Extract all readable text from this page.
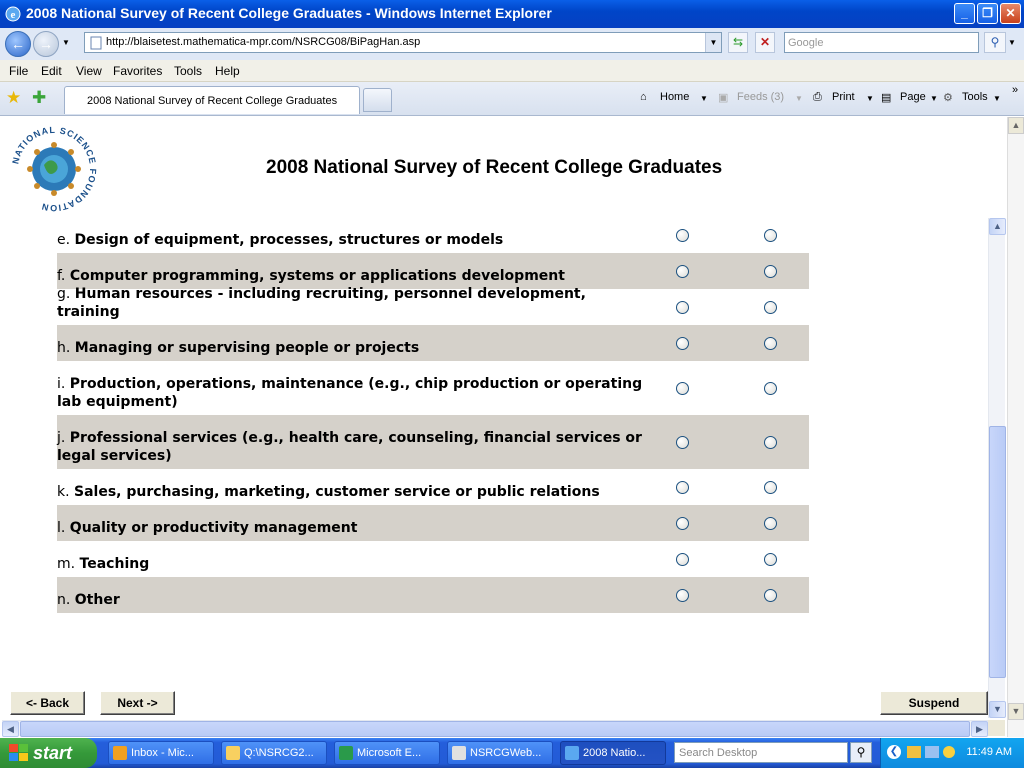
e 2008 National Survey of Recent College Graduates - Windows Internet Explorer	_	❐	✕
←	→	▼	http://blaisetest.mathematica-mpr.com/NSRCG08/BiPagHan.asp	▼	⇆	✕	Google	⚲	▼
File Edit View Favorites Tools Help
★ ✚	2008 National Survey of Recent College Graduates	⌂ Home ▼ ▣ Feeds (3) ▼ ⎙ Print ▼ ▤ Page ▼ ⚙ Tools ▼
»
NATIONAL SCIENCE FOUNDATION
2008 National Survey of Recent College Graduates
e. Design of equipment, processes, structures or models
f. Computer programming, systems or applications development
g. Human resources - including recruiting, personnel development, training
h. Managing or supervising people or projects
i. Production, operations, maintenance (e.g., chip production or operating lab equipment)
j. Professional services (e.g., health care, counseling, financial services or legal services)
k. Sales, purchasing, marketing, customer service or public relations
l. Quality or productivity management
m. Teaching
n. Other
<- Back	Next ->	Suspend
▲
▼
▲
▼
◀	▶
start	Inbox - Mic...	Q:\NSRCG2...	Microsoft E...	NSRCGWeb...	2008 Natio...	Search Desktop	⚲	❮	11:49 AM
